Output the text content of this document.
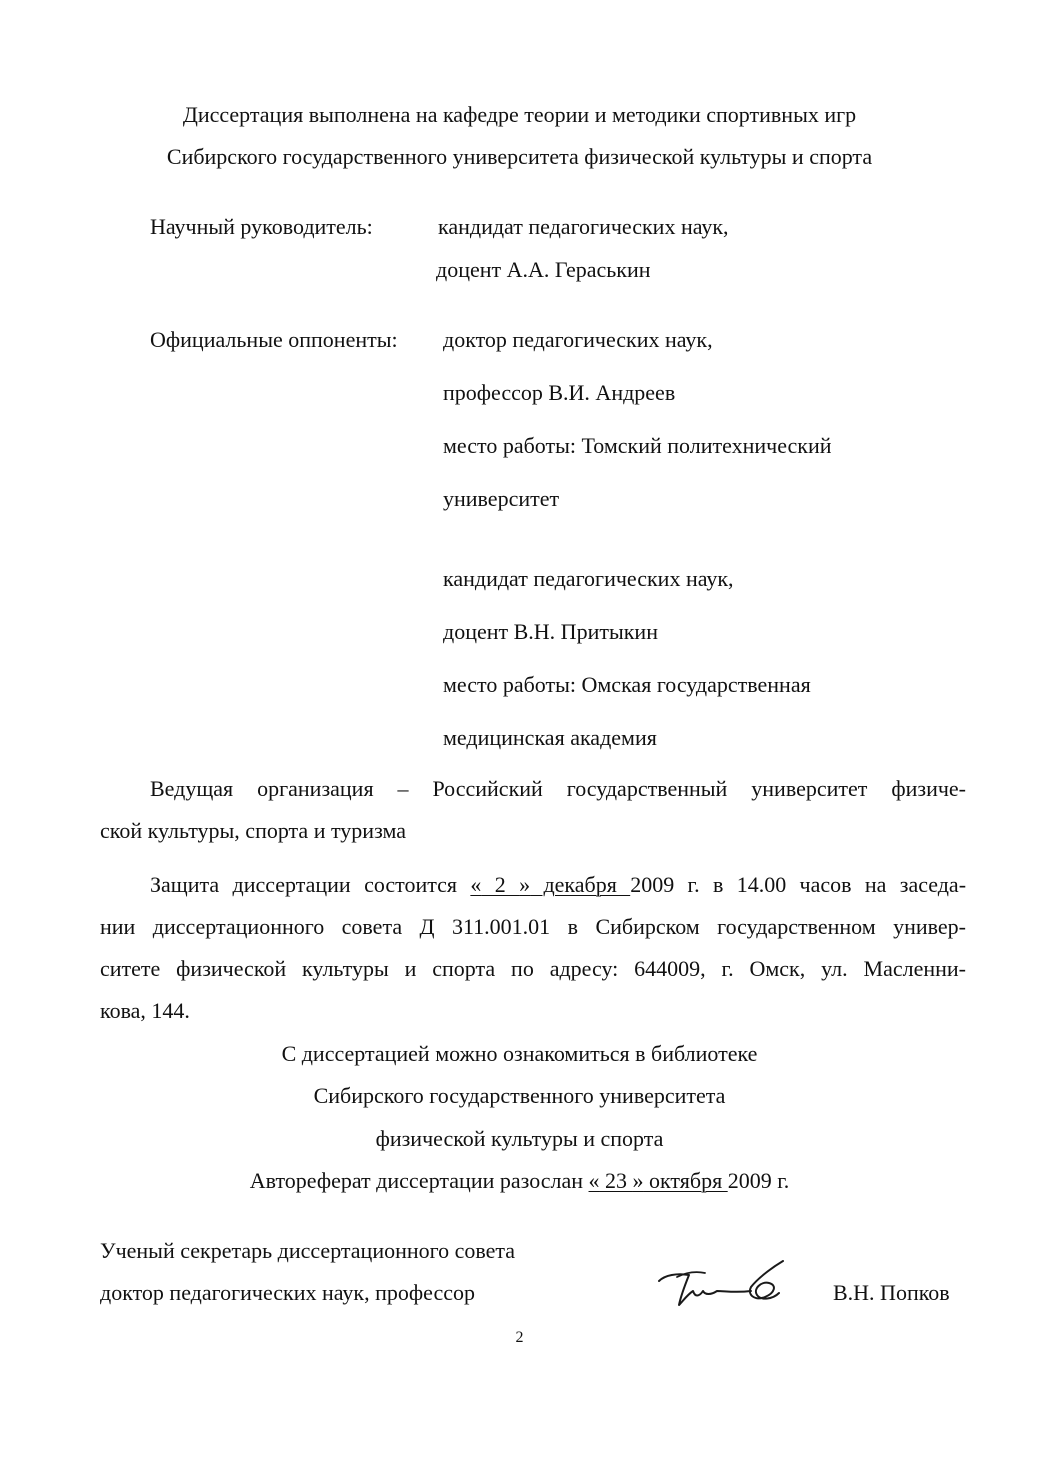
Диссертация выполнена на кафедре теории и методики спортивных игр
Сибирского государственного университета физической культуры и спорта
Научный руководитель:	кандидат педагогических наук,
доцент А.А. Гераськин
Официальные оппоненты: доктор педагогических наук,
профессор В.И. Андреев
место работы: Томский политехнический
университет
кандидат педагогических наук,
доцент В.Н. Притыкин
место работы: Омская государственная
медицинская академия
Ведущая организация – Российский государственный университет физиче-
ской культуры, спорта и туризма
Защита диссертации состоится « 2 » декабря 2009 г. в 14.00 часов на заседа-
нии диссертационного совета Д 311.001.01 в Сибирском государственном универ-
ситете физической культуры и спорта по адресу: 644009, г. Омск, ул. Масленни-
кова, 144.
С диссертацией можно ознакомиться в библиотеке
Сибирского государственного университета
физической культуры и спорта
Автореферат диссертации разослан « 23 » октября 2009 г.
Ученый секретарь диссертационного совета
доктор педагогических наук, профессор	В.Н. Попков
2
